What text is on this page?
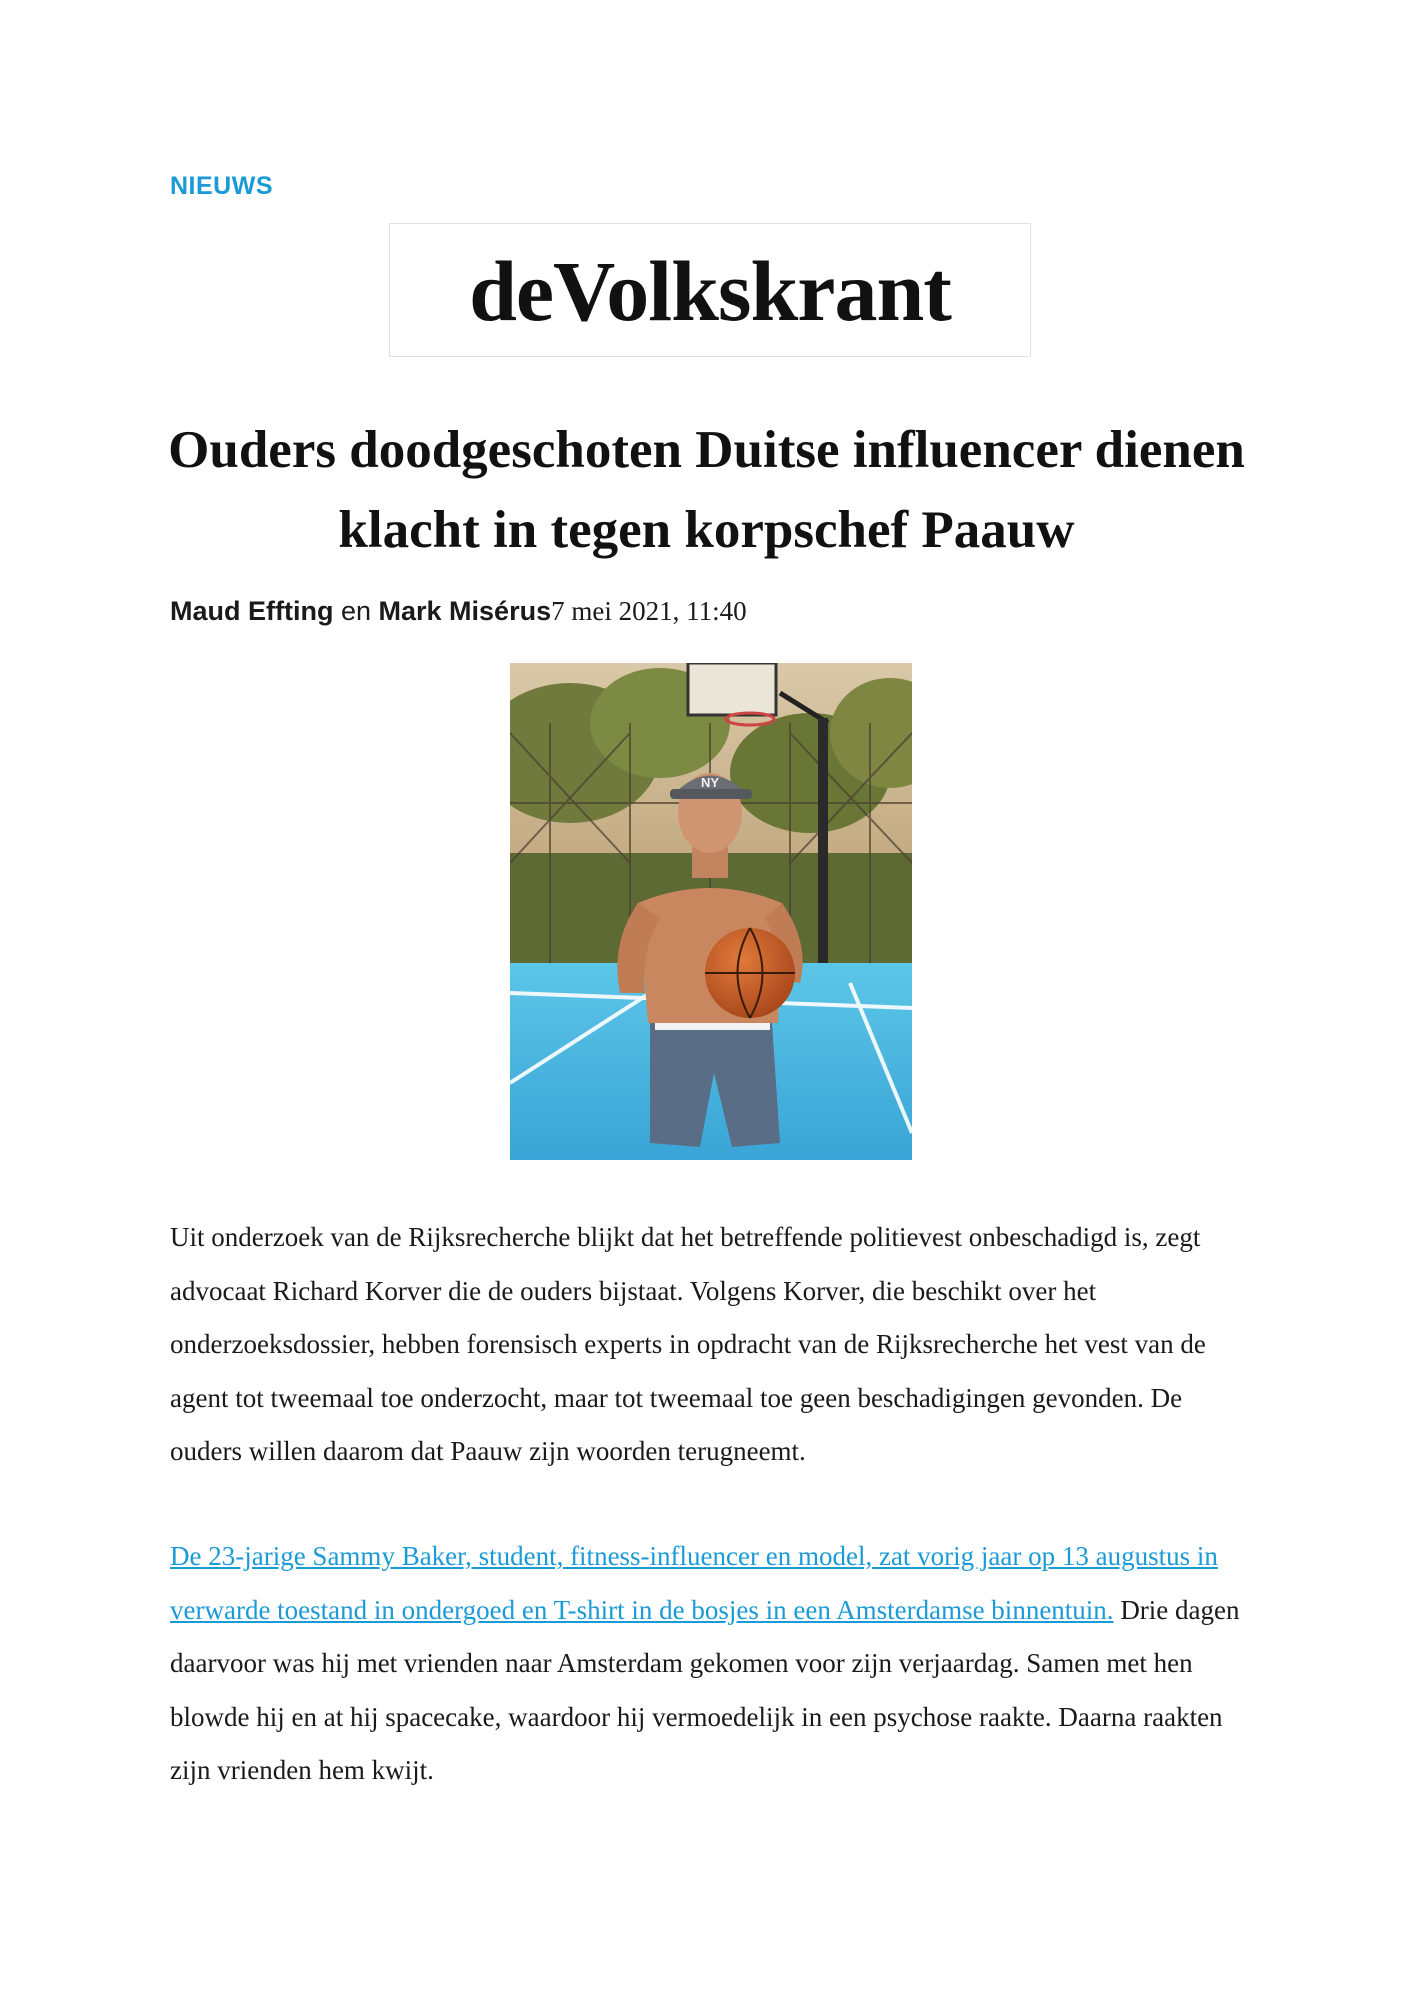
NIEUWS
deVolkskrant
Ouders doodgeschoten Duitse influencer dienen klacht in tegen korpschef Paauw
Maud Effting en Mark Misérus7 mei 2021, 11:40
NY

Uit onderzoek van de Rijksrecherche blijkt dat het betreffende politievest onbeschadigd is, zegt advocaat Richard Korver die de ouders bijstaat. Volgens Korver, die beschikt over het onderzoeksdossier, hebben forensisch experts in opdracht van de Rijksrecherche het vest van de agent tot tweemaal toe onderzocht, maar tot tweemaal toe geen beschadigingen gevonden. De ouders willen daarom dat Paauw zijn woorden terugneemt.

De 23-jarige Sammy Baker, student, fitness-influencer en model, zat vorig jaar op 13 augustus in verwarde toestand in ondergoed en T-shirt in de bosjes in een Amsterdamse binnentuin. Drie dagen daarvoor was hij met vrienden naar Amsterdam gekomen voor zijn verjaardag. Samen met hen blowde hij en at hij spacecake, waardoor hij vermoedelijk in een psychose raakte. Daarna raakten zijn vrienden hem kwijt.
